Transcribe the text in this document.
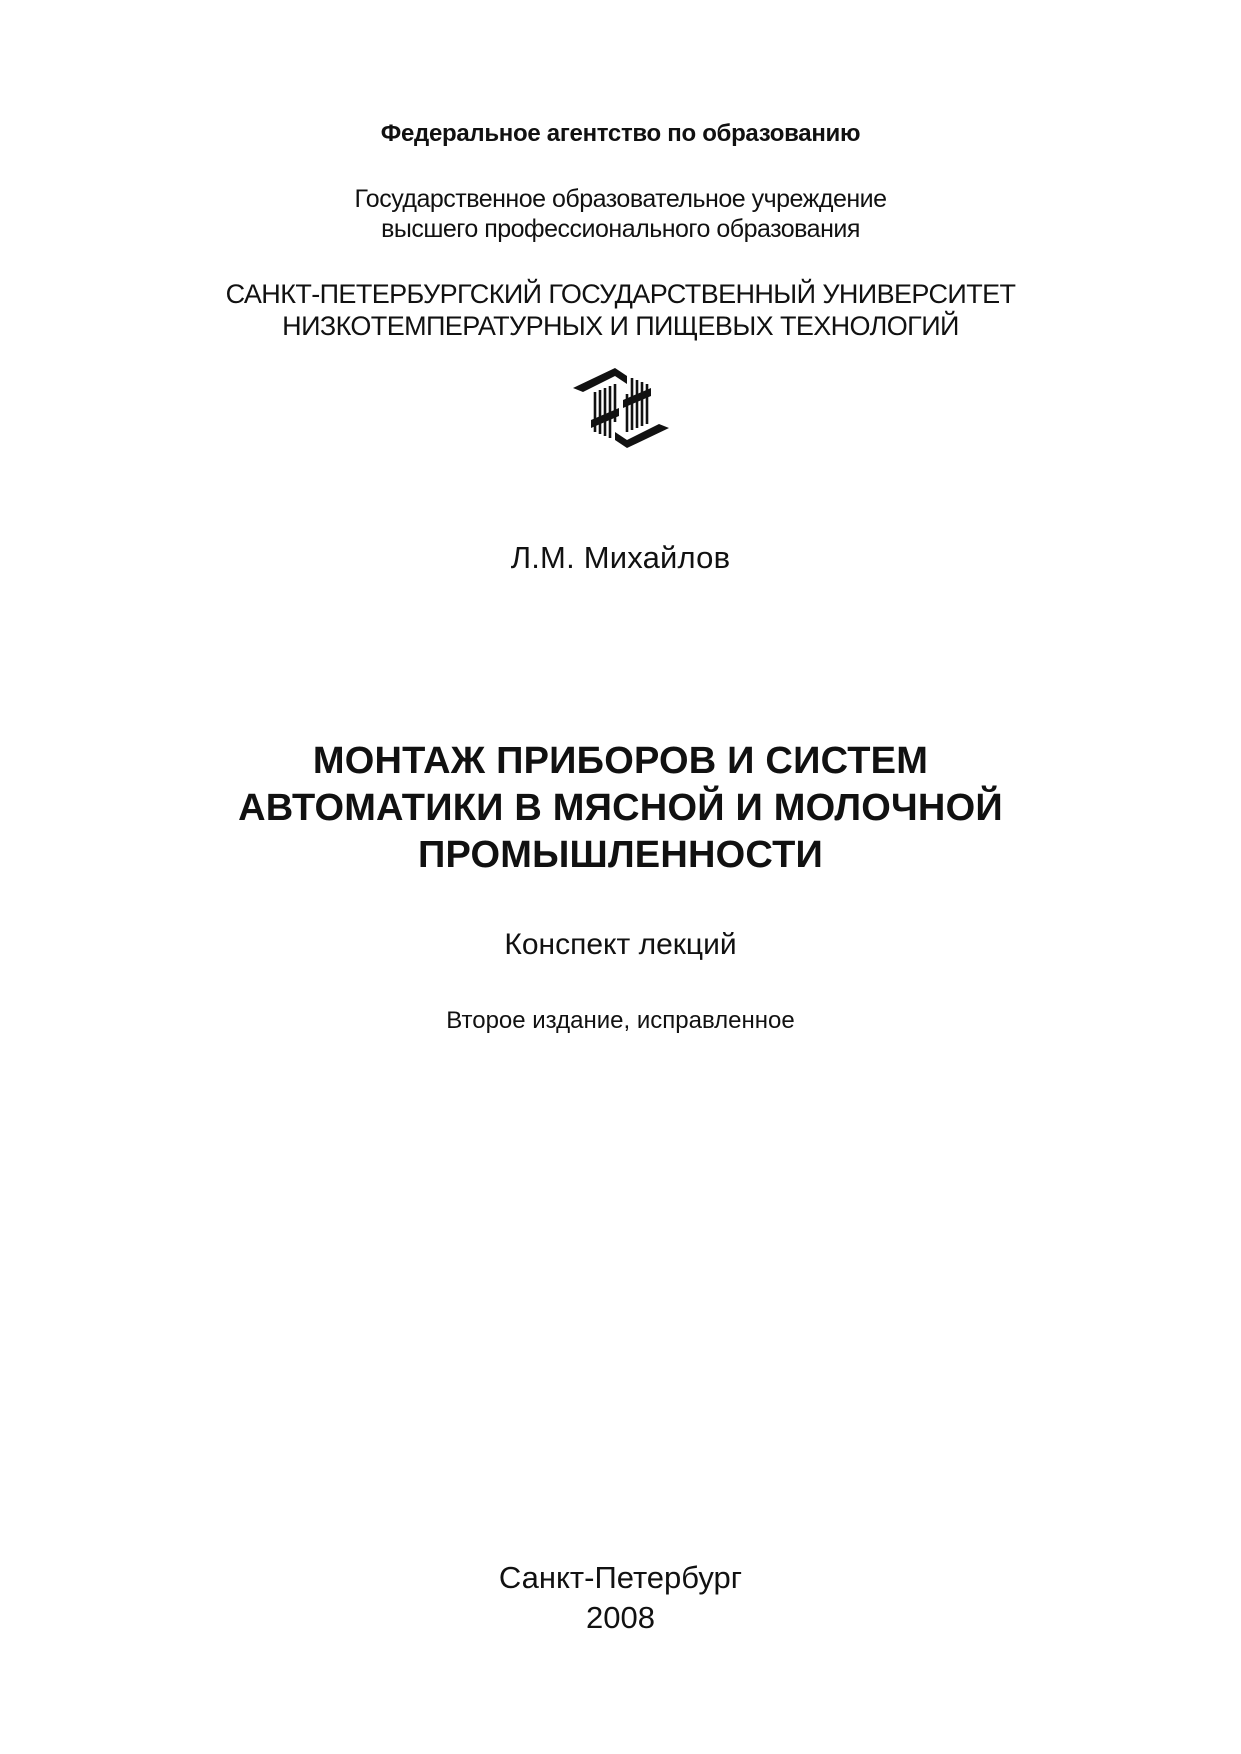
Федеральное агентство по образованию
Государственное образовательное учреждение
высшего профессионального образования
САНКТ-ПЕТЕРБУРГСКИЙ ГОСУДАРСТВЕННЫЙ УНИВЕРСИТЕТ
НИЗКОТЕМПЕРАТУРНЫХ И ПИЩЕВЫХ ТЕХНОЛОГИЙ
Л.М. Михайлов
МОНТАЖ ПРИБОРОВ И СИСТЕМ
АВТОМАТИКИ В МЯСНОЙ И МОЛОЧНОЙ
ПРОМЫШЛЕННОСТИ
Конспект лекций
Второе издание, исправленное
Санкт-Петербург
2008
